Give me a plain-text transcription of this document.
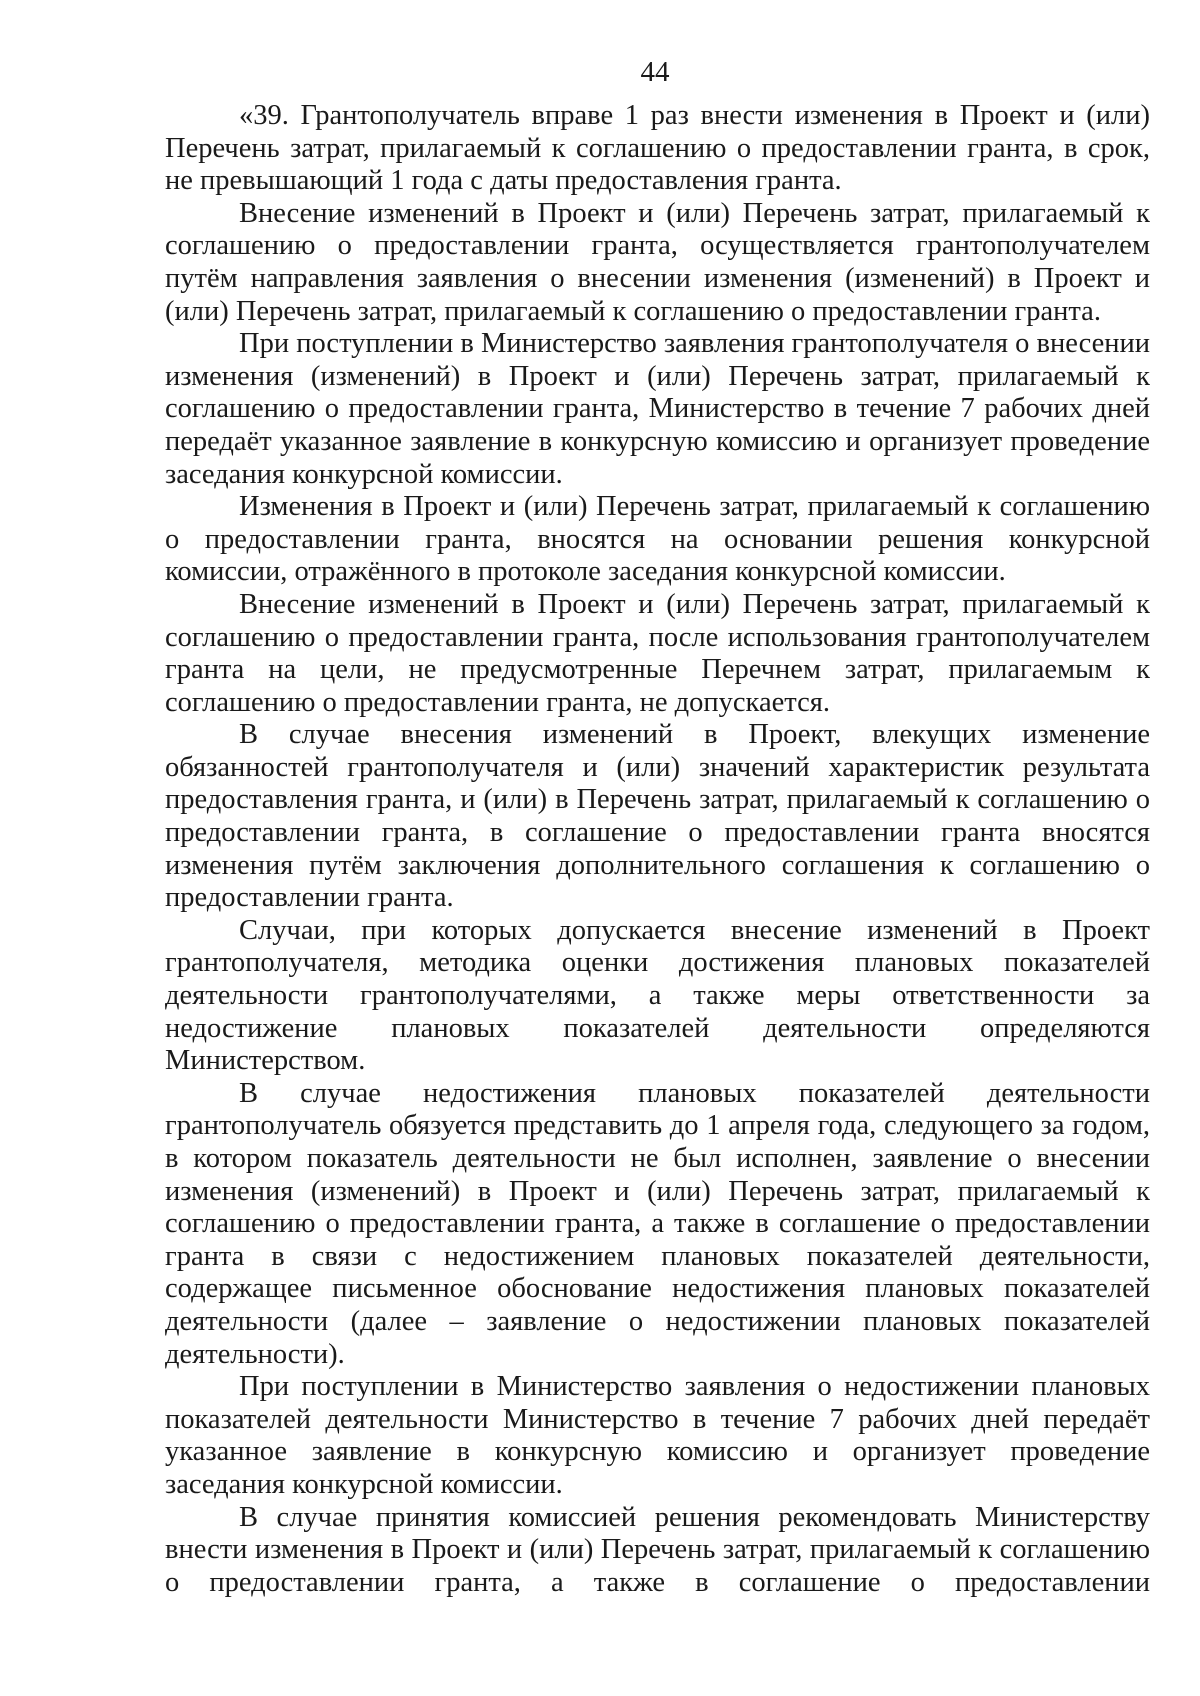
44

«39. Грантополучатель вправе 1 раз внести изменения в Проект и (или) Перечень затрат, прилагаемый к соглашению о предоставлении гранта, в срок, не превышающий 1 года с даты предоставления гранта.

Внесение изменений в Проект и (или) Перечень затрат, прилагаемый к соглашению о предоставлении гранта, осуществляется грантополучателем путём направления заявления о внесении изменения (изменений) в Проект и (или) Перечень затрат, прилагаемый к соглашению о предоставлении гранта.

При поступлении в Министерство заявления грантополучателя о внесении изменения (изменений) в Проект и (или) Перечень затрат, прилагаемый к соглашению о предоставлении гранта, Министерство в течение 7 рабочих дней передаёт указанное заявление в конкурсную комиссию и организует проведение заседания конкурсной комиссии.

Изменения в Проект и (или) Перечень затрат, прилагаемый к соглашению о предоставлении гранта, вносятся на основании решения конкурсной комиссии, отражённого в протоколе заседания конкурсной комиссии.

Внесение изменений в Проект и (или) Перечень затрат, прилагаемый к соглашению о предоставлении гранта, после использования грантополучателем гранта на цели, не предусмотренные Перечнем затрат, прилагаемым к соглашению о предоставлении гранта, не допускается.

В случае внесения изменений в Проект, влекущих изменение обязанностей грантополучателя и (или) значений характеристик результата предоставления гранта, и (или) в Перечень затрат, прилагаемый к соглашению о предоставлении гранта, в соглашение о предоставлении гранта вносятся изменения путём заключения дополнительного соглашения к соглашению о предоставлении гранта.

Случаи, при которых допускается внесение изменений в Проект грантополучателя, методика оценки достижения плановых показателей деятельности грантополучателями, а также меры ответственности за недостижение плановых показателей деятельности определяются Министерством.

В случае недостижения плановых показателей деятельности грантополучатель обязуется представить до 1 апреля года, следующего за годом, в котором показатель деятельности не был исполнен, заявление о внесении изменения (изменений) в Проект и (или) Перечень затрат, прилагаемый к соглашению о предоставлении гранта, а также в соглашение о предоставлении гранта в связи с недостижением плановых показателей деятельности, содержащее письменное обоснование недостижения плановых показателей деятельности (далее – заявление о недостижении плановых показателей деятельности).

При поступлении в Министерство заявления о недостижении плановых показателей деятельности Министерство в течение 7 рабочих дней передаёт указанное заявление в конкурсную комиссию и организует проведение заседания конкурсной комиссии.

В случае принятия комиссией решения рекомендовать Министерству внести изменения в Проект и (или) Перечень затрат, прилагаемый к соглашению о предоставлении гранта, а также в соглашение о предоставлении
